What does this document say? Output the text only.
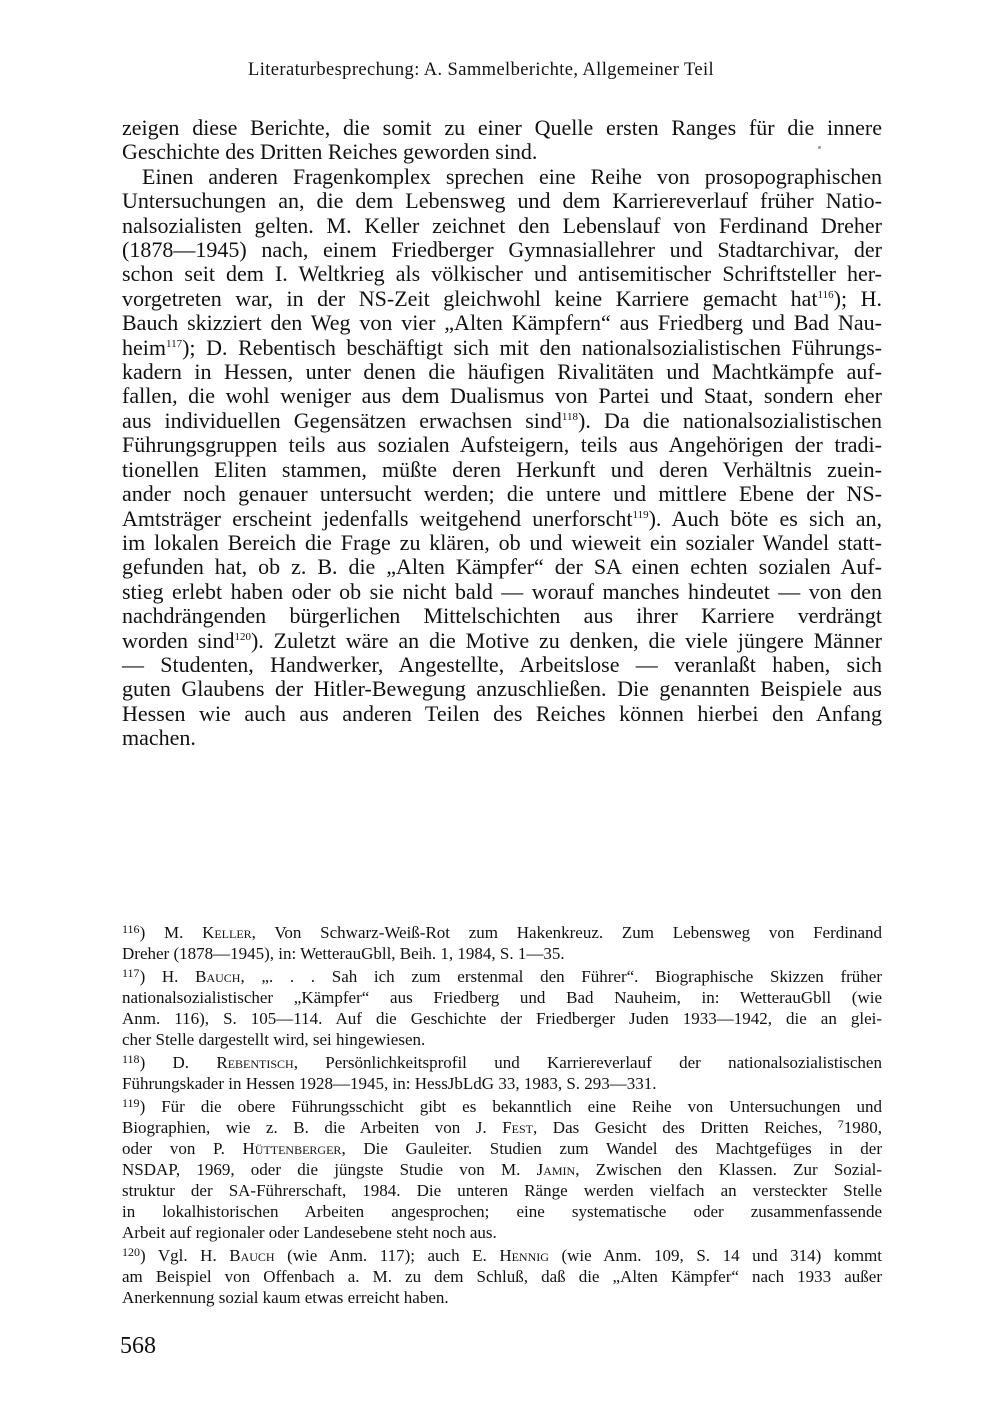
Literaturbesprechung: A. Sammelberichte, Allgemeiner Teil
zeigen diese Berichte, die somit zu einer Quelle ersten Ranges für die innere
Geschichte des Dritten Reiches geworden sind.
Einen anderen Fragenkomplex sprechen eine Reihe von prosopographischen
Untersuchungen an, die dem Lebensweg und dem Karriereverlauf früher Natio-
nalsozialisten gelten. M. Keller zeichnet den Lebenslauf von Ferdinand Dreher
(1878—1945) nach, einem Friedberger Gymnasiallehrer und Stadtarchivar, der
schon seit dem I. Weltkrieg als völkischer und antisemitischer Schriftsteller her-
vorgetreten war, in der NS-Zeit gleichwohl keine Karriere gemacht hat$^{116}$); H.
Bauch skizziert den Weg von vier „Alten Kämpfern“ aus Friedberg und Bad Nau-
heim$^{117}$); D. Rebentisch beschäftigt sich mit den nationalsozialistischen Führungs-
kadern in Hessen, unter denen die häufigen Rivalitäten und Machtkämpfe auf-
fallen, die wohl weniger aus dem Dualismus von Partei und Staat, sondern eher
aus individuellen Gegensätzen erwachsen sind$^{118}$). Da die nationalsozialistischen
Führungsgruppen teils aus sozialen Aufsteigern, teils aus Angehörigen der tradi-
tionellen Eliten stammen, müßte deren Herkunft und deren Verhältnis zuein-
ander noch genauer untersucht werden; die untere und mittlere Ebene der NS-
Amtsträger erscheint jedenfalls weitgehend unerforscht$^{119}$). Auch böte es sich an,
im lokalen Bereich die Frage zu klären, ob und wieweit ein sozialer Wandel statt-
gefunden hat, ob z. B. die „Alten Kämpfer“ der SA einen echten sozialen Auf-
stieg erlebt haben oder ob sie nicht bald — worauf manches hindeutet — von den
nachdrängenden bürgerlichen Mittelschichten aus ihrer Karriere verdrängt
worden sind$^{120}$). Zuletzt wäre an die Motive zu denken, die viele jüngere Männer
— Studenten, Handwerker, Angestellte, Arbeitslose — veranlaßt haben, sich
guten Glaubens der Hitler-Bewegung anzuschließen. Die genannten Beispiele aus
Hessen wie auch aus anderen Teilen des Reiches können hierbei den Anfang
machen.
$^{116}$) M. Keller, Von Schwarz-Weiß-Rot zum Hakenkreuz. Zum Lebensweg von Ferdinand
Dreher (1878—1945), in: WetterauGbll, Beih. 1, 1984, S. 1—35.
$^{117}$) H. Bauch, „. . . Sah ich zum erstenmal den Führer“. Biographische Skizzen früher
nationalsozialistischer „Kämpfer“ aus Friedberg und Bad Nauheim, in: WetterauGbll (wie
Anm. 116), S. 105—114. Auf die Geschichte der Friedberger Juden 1933—1942, die an glei-
cher Stelle dargestellt wird, sei hingewiesen.
$^{118}$) D. Rebentisch, Persönlichkeitsprofil und Karriereverlauf der nationalsozialistischen
Führungskader in Hessen 1928—1945, in: HessJbLdG 33, 1983, S. 293—331.
$^{119}$) Für die obere Führungsschicht gibt es bekanntlich eine Reihe von Untersuchungen und
Biographien, wie z. B. die Arbeiten von J. Fest, Das Gesicht des Dritten Reiches, $^7$1980,
oder von P. Hüttenberger, Die Gauleiter. Studien zum Wandel des Machtgefüges in der
NSDAP, 1969, oder die jüngste Studie von M. Jamin, Zwischen den Klassen. Zur Sozial-
struktur der SA-Führerschaft, 1984. Die unteren Ränge werden vielfach an versteckter Stelle
in lokalhistorischen Arbeiten angesprochen; eine systematische oder zusammenfassende
Arbeit auf regionaler oder Landesebene steht noch aus.
$^{120}$) Vgl. H. Bauch (wie Anm. 117); auch E. Hennig (wie Anm. 109, S. 14 und 314) kommt
am Beispiel von Offenbach a. M. zu dem Schluß, daß die „Alten Kämpfer“ nach 1933 außer
Anerkennung sozial kaum etwas erreicht haben.
568
